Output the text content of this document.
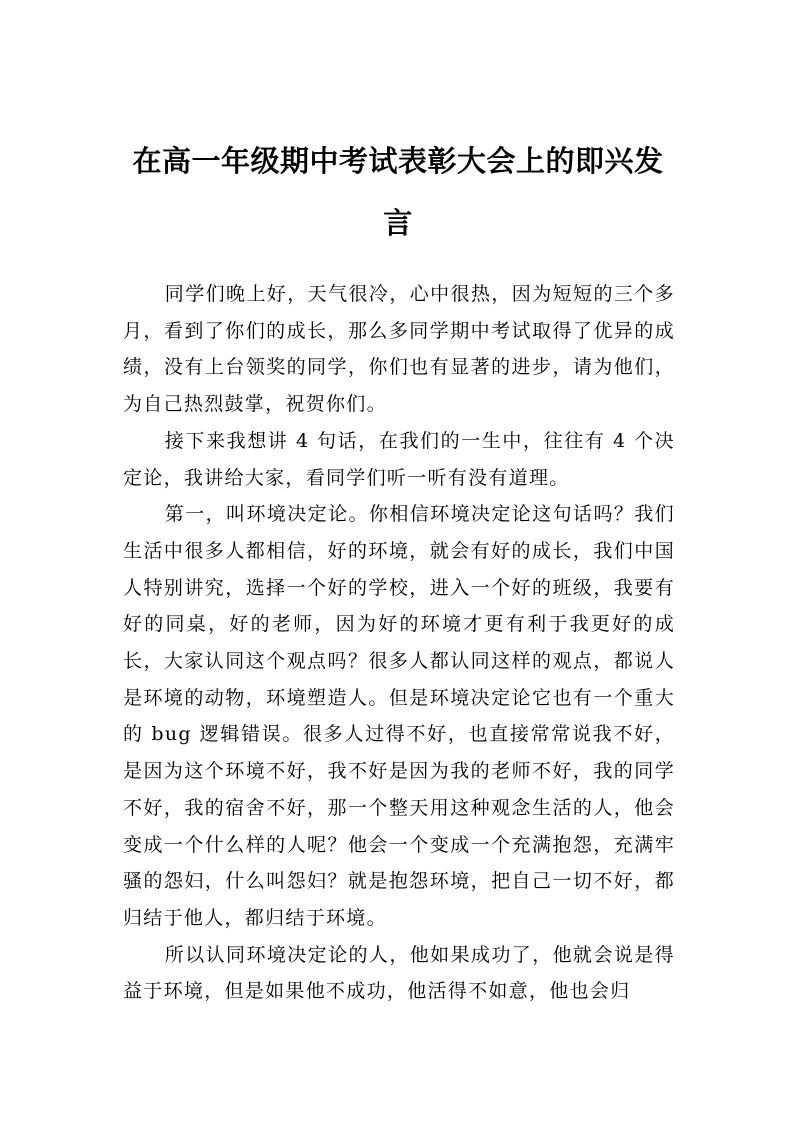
在高一年级期中考试表彰大会上的即兴发言

同学们晚上好，天气很冷，心中很热，因为短短的三个多月，看到了你们的成长，那么多同学期中考试取得了优异的成绩，没有上台领奖的同学，你们也有显著的进步，请为他们，为自己热烈鼓掌，祝贺你们。

接下来我想讲 4 句话，在我们的一生中，往往有 4 个决定论，我讲给大家，看同学们听一听有没有道理。

第一，叫环境决定论。你相信环境决定论这句话吗？我们生活中很多人都相信，好的环境，就会有好的成长，我们中国人特别讲究，选择一个好的学校，进入一个好的班级，我要有好的同桌，好的老师，因为好的环境才更有利于我更好的成长，大家认同这个观点吗？很多人都认同这样的观点，都说人是环境的动物，环境塑造人。但是环境决定论它也有一个重大的 bug 逻辑错误。很多人过得不好，也直接常常说我不好，是因为这个环境不好，我不好是因为我的老师不好，我的同学不好，我的宿舍不好，那一个整天用这种观念生活的人，他会变成一个什么样的人呢？他会一个变成一个充满抱怨，充满牢骚的怨妇，什么叫怨妇？就是抱怨环境，把自己一切不好，都归结于他人，都归结于环境。

所以认同环境决定论的人，他如果成功了，他就会说是得益于环境，但是如果他不成功，他活得不如意，他也会归
